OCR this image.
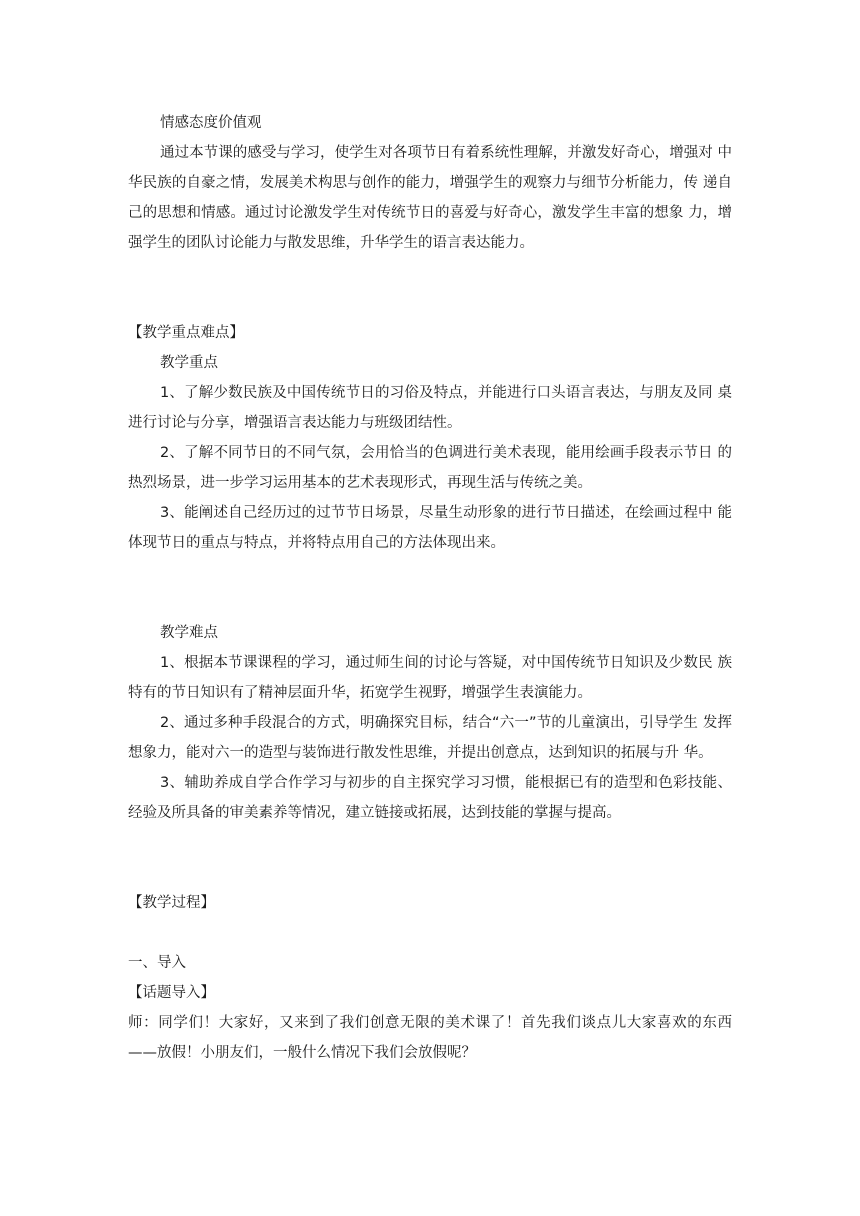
情感态度价值观

通过本节课的感受与学习，使学生对各项节日有着系统性理解，并激发好奇心，增强对 中华民族的自豪之情，发展美术构思与创作的能力，增强学生的观察力与细节分析能力，传 递自己的思想和情感。通过讨论激发学生对传统节日的喜爱与好奇心，激发学生丰富的想象 力，增强学生的团队讨论能力与散发思维，升华学生的语言表达能力。

【教学重点难点】

教学重点

1、了解少数民族及中国传统节日的习俗及特点，并能进行口头语言表达，与朋友及同 桌进行讨论与分享，增强语言表达能力与班级团结性。

2、了解不同节日的不同气氛，会用恰当的色调进行美术表现，能用绘画手段表示节日 的热烈场景，进一步学习运用基本的艺术表现形式，再现生活与传统之美。

3、能阐述自己经历过的过节节日场景，尽量生动形象的进行节日描述，在绘画过程中 能体现节日的重点与特点，并将特点用自己的方法体现出来。

教学难点

1、根据本节课课程的学习，通过师生间的讨论与答疑，对中国传统节日知识及少数民 族特有的节日知识有了精神层面升华，拓宽学生视野，增强学生表演能力。

2、通过多种手段混合的方式，明确探究目标，结合“六一”节的儿童演出，引导学生 发挥想象力，能对六一的造型与装饰进行散发性思维，并提出创意点，达到知识的拓展与升 华。

3、辅助养成自学合作学习与初步的自主探究学习习惯，能根据已有的造型和色彩技能、 经验及所具备的审美素养等情况，建立链接或拓展，达到技能的掌握与提高。

【教学过程】

一、导入

【话题导入】

师：同学们！大家好，又来到了我们创意无限的美术课了！首先我们谈点儿大家喜欢的东西——放假！小朋友们，一般什么情况下我们会放假呢？
